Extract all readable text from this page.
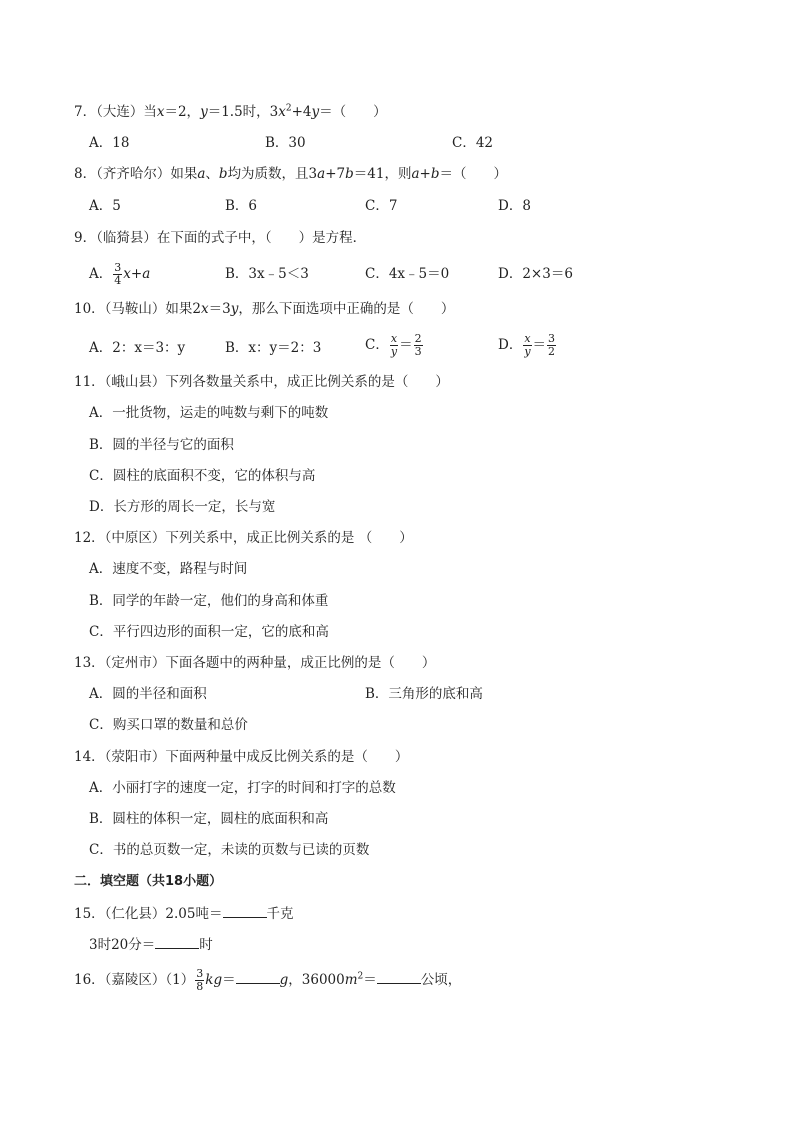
7．（大连）当x＝2，y＝1.5时，$3x^2+4y=$（　　）
A．18	B．30	C．42
8．（齐齐哈尔）如果a、b均为质数，且3a+7b＝41，则a+b＝（　　）
A．5	B．6	C．7	D．8
9．（临猗县）在下面的式子中，（　　）是方程．
A． $\frac{3}{4} x+a$	B．3x﹣5＜3	C．4x﹣5＝0	D．2×3＝6
10．（马鞍山）如果2x＝3y，那么下面选项中正确的是（　　）
A．2：x＝3：y	B．x：y＝2：3	C． $\frac{x}{y} = \frac{2}{3}$	D． $\frac{x}{y} = \frac{3}{2}$
11．（峨山县）下列各数量关系中，成正比例关系的是（　　）
A．一批货物，运走的吨数与剩下的吨数
B．圆的半径与它的面积
C．圆柱的底面积不变，它的体积与高
D．长方形的周长一定，长与宽
12．（中原区）下列关系中，成正比例关系的是 （　　）
A．速度不变，路程与时间
B．同学的年龄一定，他们的身高和体重
C．平行四边形的面积一定，它的底和高
13．（定州市）下面各题中的两种量，成正比例的是（　　）
A．圆的半径和面积	B．三角形的底和高
C．购买口罩的数量和总价
14．（荥阳市）下面两种量中成反比例关系的是（　　）
A．小丽打字的速度一定，打字的时间和打字的总数
B．圆柱的体积一定，圆柱的底面积和高
C．书的总页数一定，未读的页数与已读的页数
二．填空题（共18小题）
15．（仁化县）2.05吨＝	千克
3时20分＝	时
16．（嘉陵区）$(1) \frac{3}{8} kg=$	g，$36000m^2=$	公顷，
